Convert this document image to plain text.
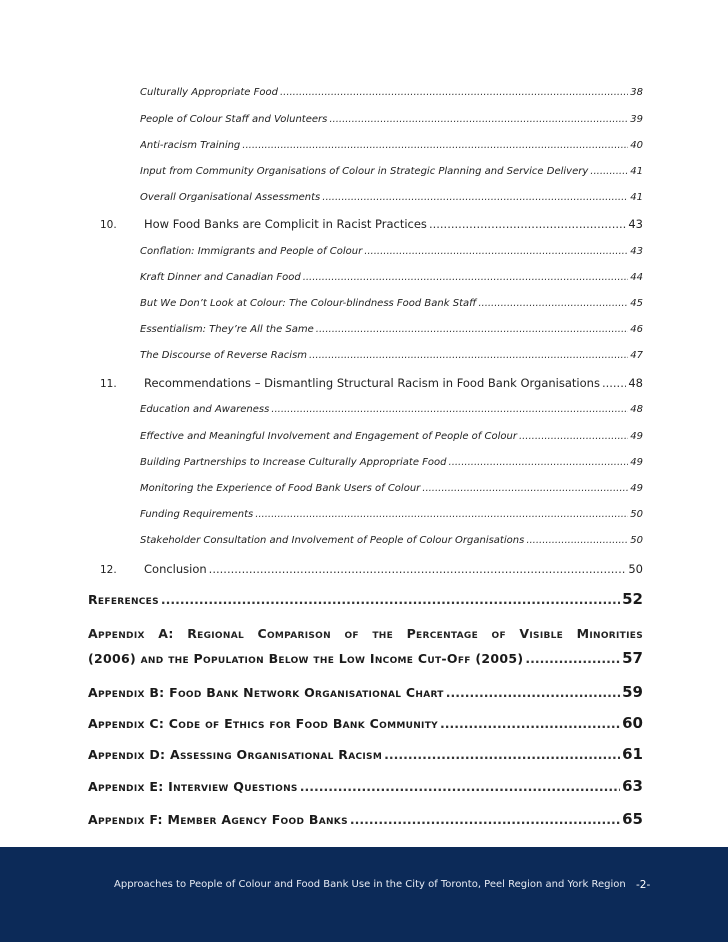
Culturally Appropriate Food .....	38
People of Colour Staff and Volunteers .....	39
Anti-racism Training .....	40
Input from Community Organisations of Colour in Strategic Planning and Service Delivery .....	41
Overall Organisational Assessments .....	41
10. How Food Banks are Complicit in Racist Practices .....	43
Conflation: Immigrants and People of Colour .....	43
Kraft Dinner and Canadian Food .....	44
But We Don’t Look at Colour: The Colour-blindness Food Bank Staff .....	45
Essentialism: They’re All the Same .....	46
The Discourse of Reverse Racism .....	47
11. Recommendations – Dismantling Structural Racism in Food Bank Organisations ..... 48
Education and Awareness .....	48
Effective and Meaningful Involvement and Engagement of People of Colour .....	49
Building Partnerships to Increase Culturally Appropriate Food .....	49
Monitoring the Experience of Food Bank Users of Colour .....	49
Funding Requirements .....	50
Stakeholder Consultation and Involvement of People of Colour Organisations .....	50
12. Conclusion .....	50
References .....	52
Appendix A: Regional Comparison of the Percentage of Visible Minorities
(2006) and the Population Below the Low Income Cut-Off (2005) .....	57
Appendix B: Food Bank Network Organisational Chart .....	59
Appendix C: Code of Ethics for Food Bank Community .....	60
Appendix D: Assessing Organisational Racism .....	61
Appendix E: Interview Questions .....	63
Appendix F: Member Agency Food Banks .....	65
Approaches to People of Colour and Food Bank Use in the City of Toronto, Peel Region and York Region -2-
